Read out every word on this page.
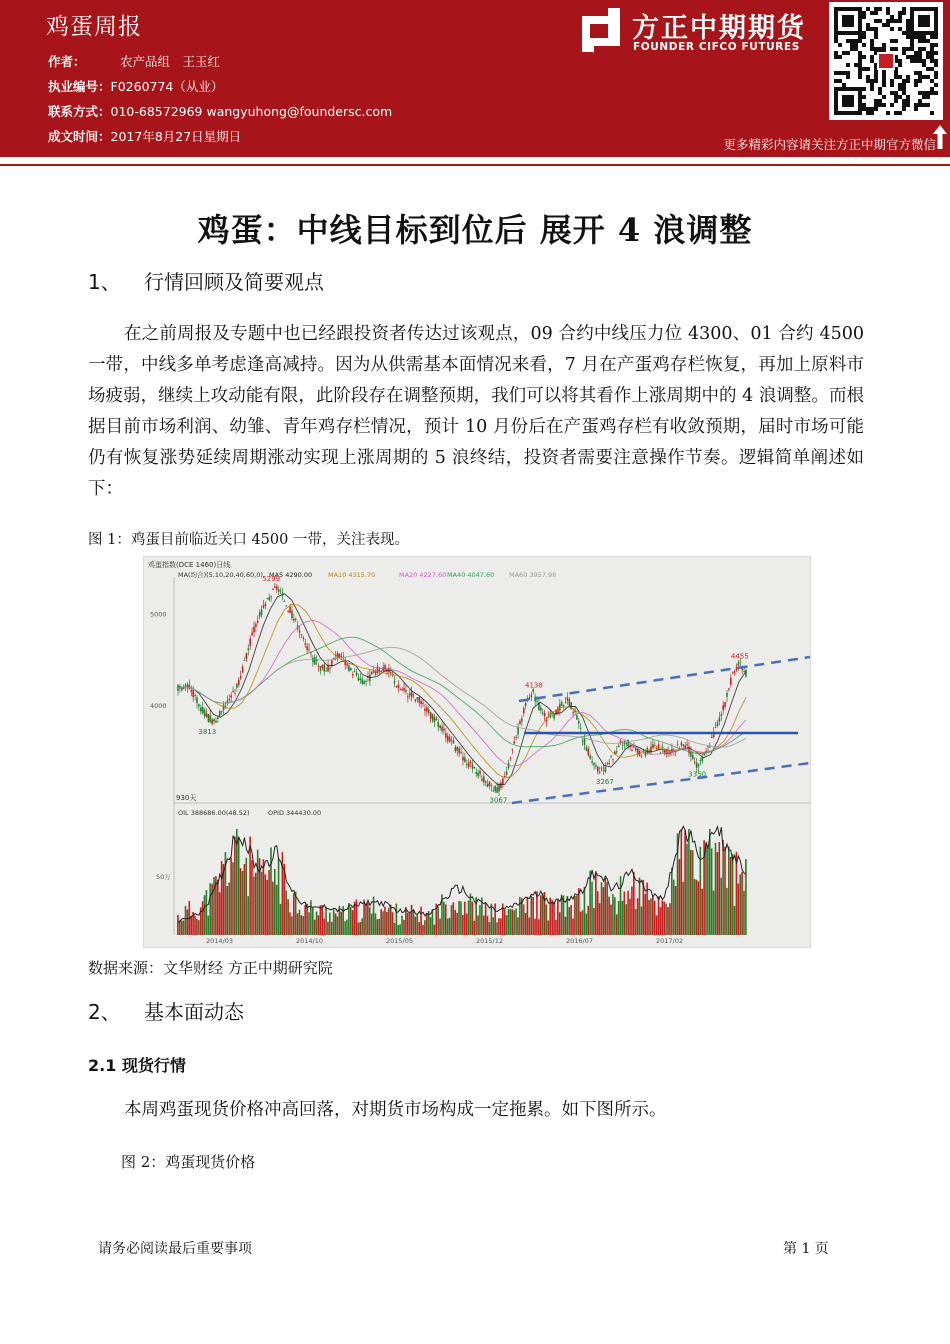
鸡蛋周报
作者：	农产品组　王玉红
执业编号：F0260774（从业）
联系方式：010-68572969 wangyuhong@foundersc.com
成文时间：2017年8月27日星期日
方正中期期货
FOUNDER CIFCO FUTURES
更多精彩内容请关注方正中期官方微信
鸡蛋：中线目标到位后 展开 4 浪调整
1、 行情回顾及简要观点
在之前周报及专题中也已经跟投资者传达过该观点，09 合约中线压力位 4300、01 合约 4500 一带，中线多单考虑逢高减持。因为从供需基本面情况来看，7 月在产蛋鸡存栏恢复，再加上原料市场疲弱，继续上攻动能有限，此阶段存在调整预期，我们可以将其看作上涨周期中的 4 浪调整。而根据目前市场利润、幼雏、青年鸡存栏情况，预计 10 月份后在产蛋鸡存栏有收敛预期，届时市场可能仍有恢复涨势延续周期涨动实现上涨周期的 5 浪终结，投资者需要注意操作节奏。逻辑简单阐述如下：
图 1：鸡蛋目前临近关口 4500 一带，关注表现。
鸡蛋指数(DCE 1460)日线
MA(均合)(5,10,20,40,60,0) MA5 4290.00 MA10 4315.70	MA20 4227.60 MA40 4047.60 MA60 3957.98
930天
OIL 388686.00(48.52)	OPID 344430.00
5000
4000
50万
2014/03	2014/10	2015/05	2015/12	2016/07	2017/02
5299
3813
4138
3067
3267
3350
4455
数据来源：文华财经 方正中期研究院
2、 基本面动态
2.1 现货行情
本周鸡蛋现货价格冲高回落，对期货市场构成一定拖累。如下图所示。
图 2：鸡蛋现货价格
请务必阅读最后重要事项	第 1 页
